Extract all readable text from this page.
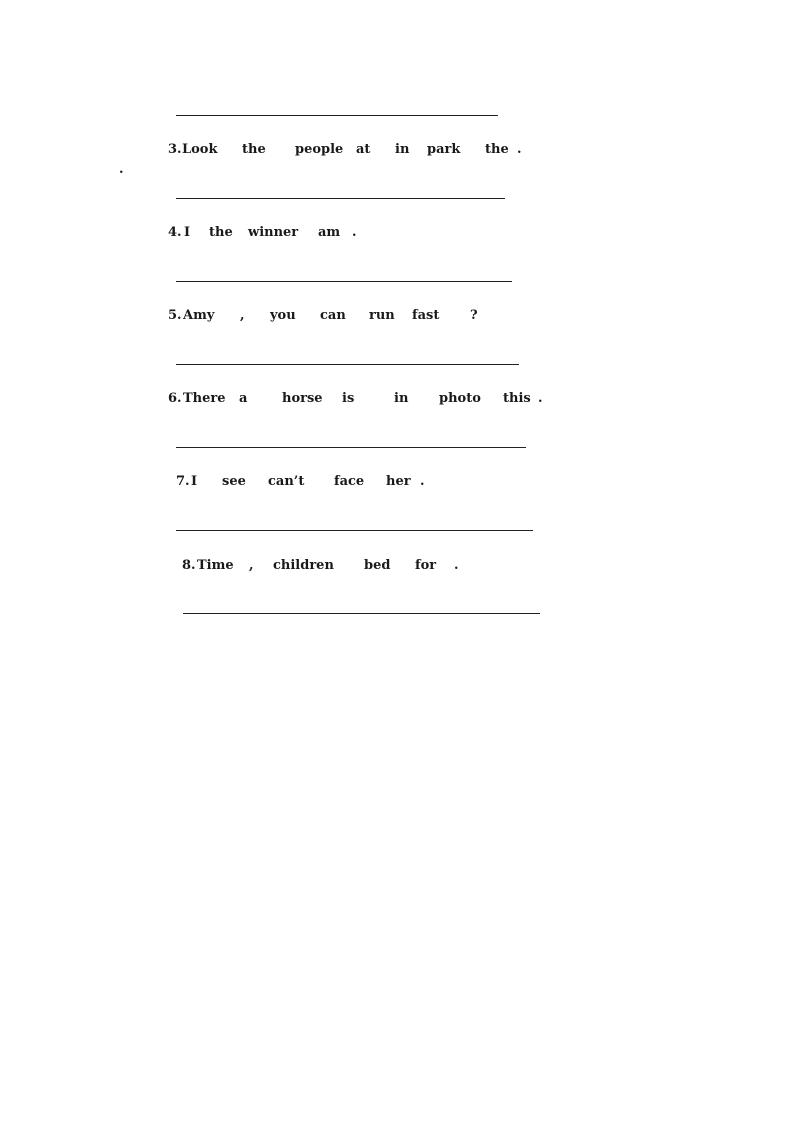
3. Look the people at in park the .
.
4. I the winner am .
5. Amy , you can run fast ?
6. There a	horse is	in photo this .
7. I see can’t face her .
8. Time , children bed for .
